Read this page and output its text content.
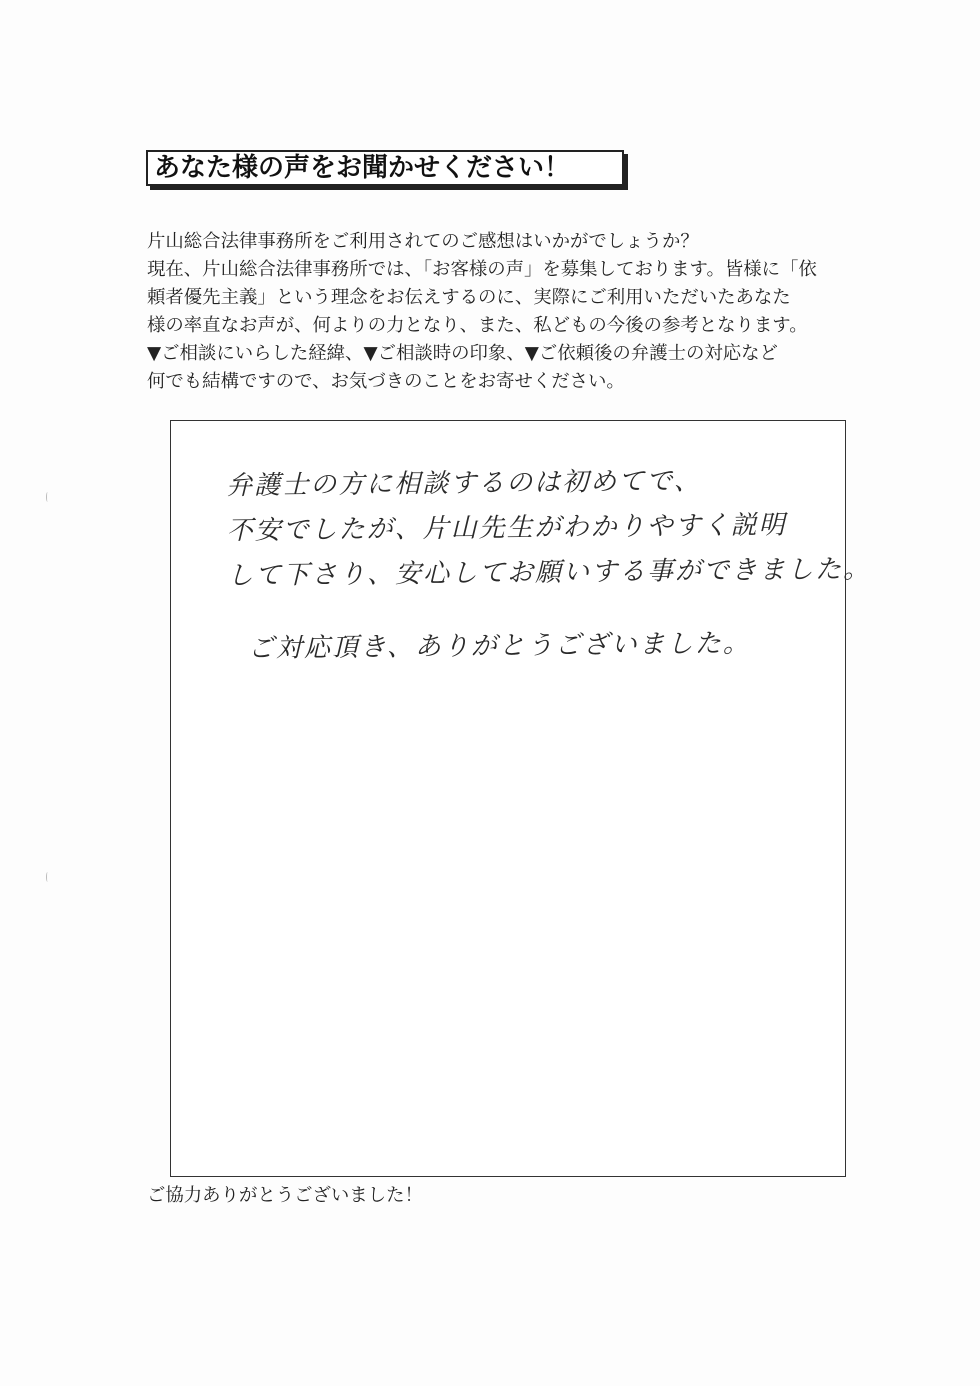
あなた様の声をお聞かせください！
片山総合法律事務所をご利用されてのご感想はいかがでしょうか？
現在、片山総合法律事務所では、「お客様の声」を募集しております。皆様に「依
頼者優先主義」という理念をお伝えするのに、実際にご利用いただいたあなた
様の率直なお声が、何よりの力となり、また、私どもの今後の参考となります。
▼ご相談にいらした経緯、▼ご相談時の印象、▼ご依頼後の弁護士の対応など
何でも結構ですので、お気づきのことをお寄せください。
弁護士の方に相談するのは初めてで、
不安でしたが、片山先生がわかりやすく説明
して下さり、安心してお願いする事ができました。
ご対応頂き、ありがとうございました。
ご協力ありがとうございました！
